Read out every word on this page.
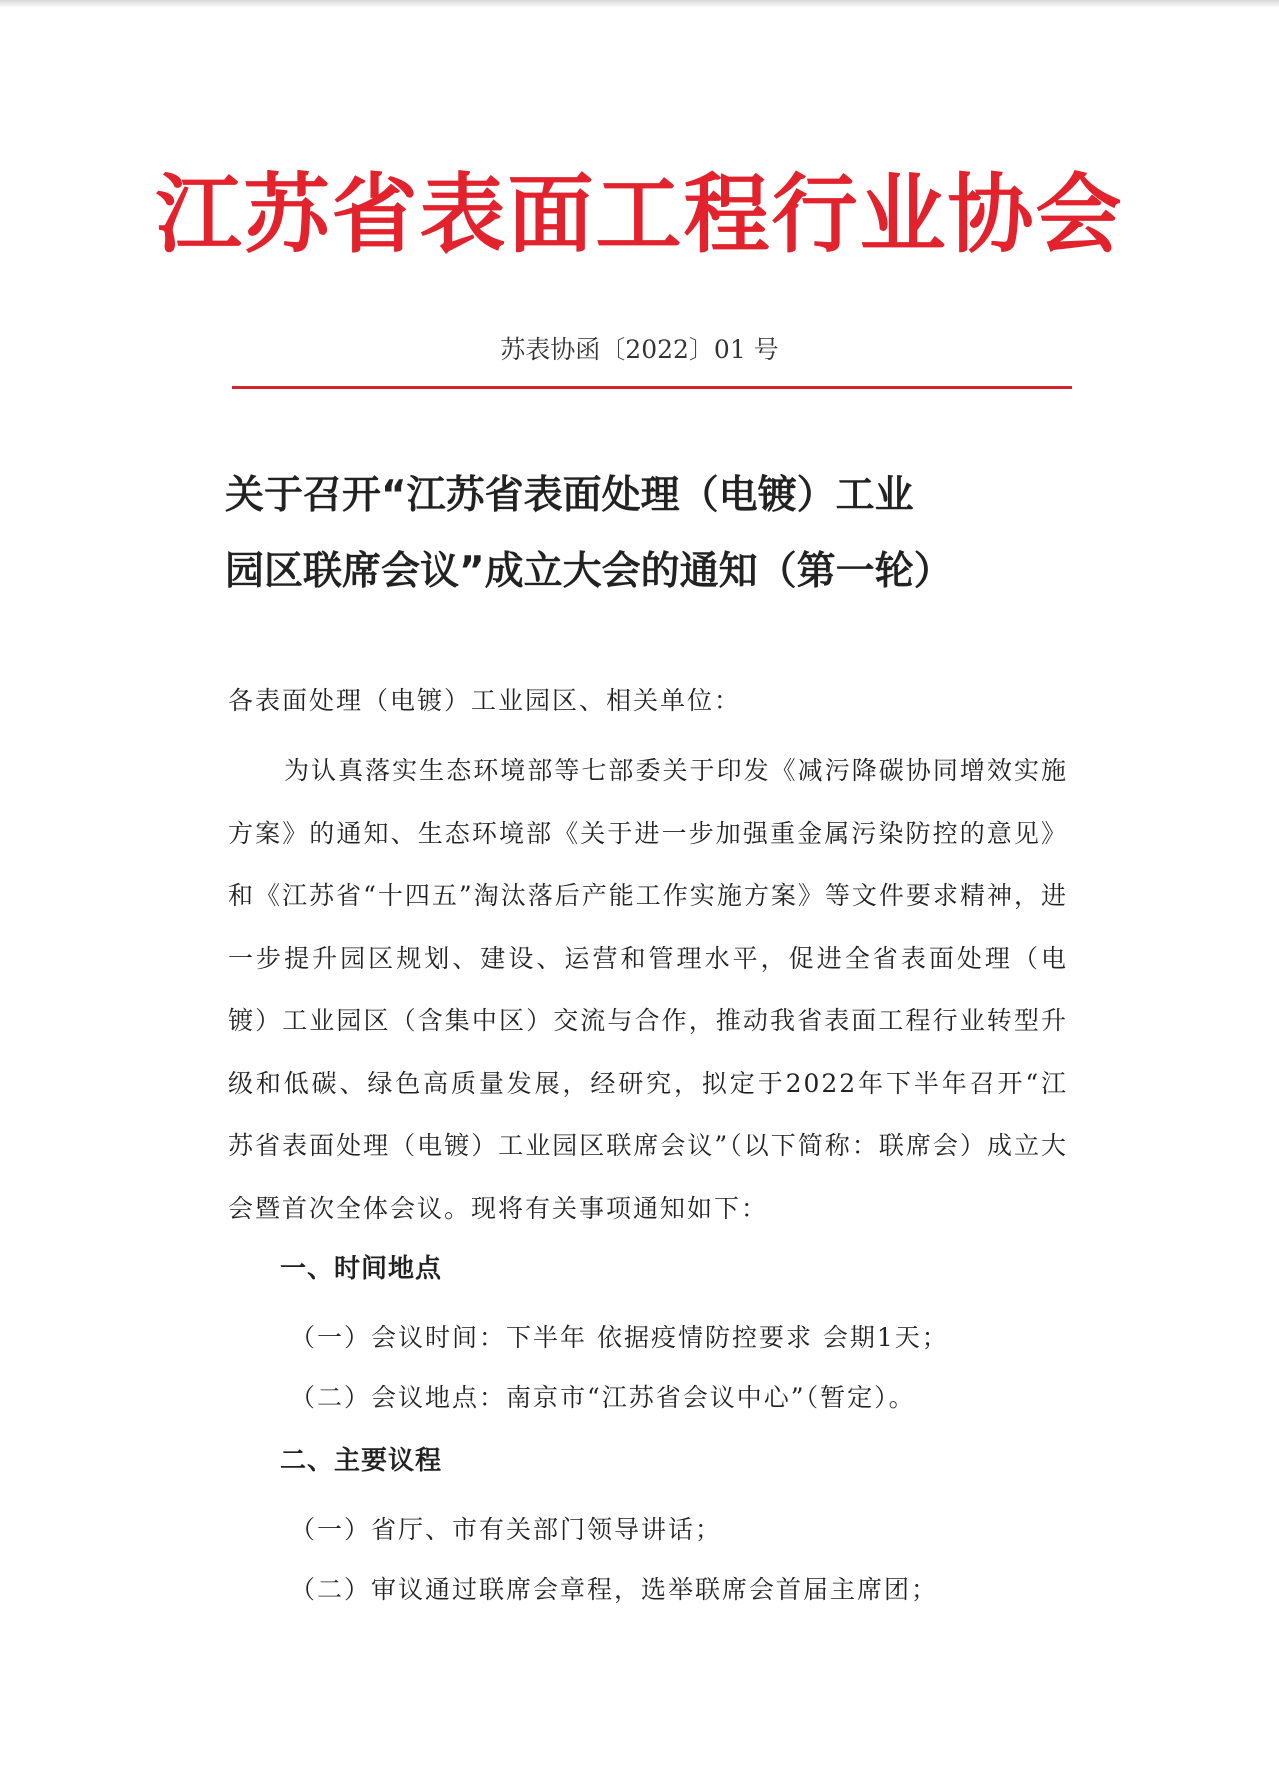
江苏省表面工程行业协会
苏表协函〔2022〕01 号
关于召开“江苏省表面处理（电镀）工业
园区联席会议”成立大会的通知（第一轮）
各表面处理（电镀）工业园区、相关单位：
为认真落实生态环境部等七部委关于印发《减污降碳协同增效实施方案》的通知、生态环境部《关于进一步加强重金属污染防控的意见》和《江苏省“十四五”淘汰落后产能工作实施方案》等文件要求精神，进一步提升园区规划、建设、运营和管理水平，促进全省表面处理（电镀）工业园区（含集中区）交流与合作，推动我省表面工程行业转型升级和低碳、绿色高质量发展，经研究，拟定于2022年下半年召开“江苏省表面处理（电镀）工业园区联席会议”（以下简称：联席会）成立大会暨首次全体会议。现将有关事项通知如下：
一、时间地点
（一）会议时间：下半年 依据疫情防控要求 会期1天；
（二）会议地点：南京市“江苏省会议中心”（暂定）。
二、主要议程
（一）省厅、市有关部门领导讲话；
（二）审议通过联席会章程，选举联席会首届主席团；
